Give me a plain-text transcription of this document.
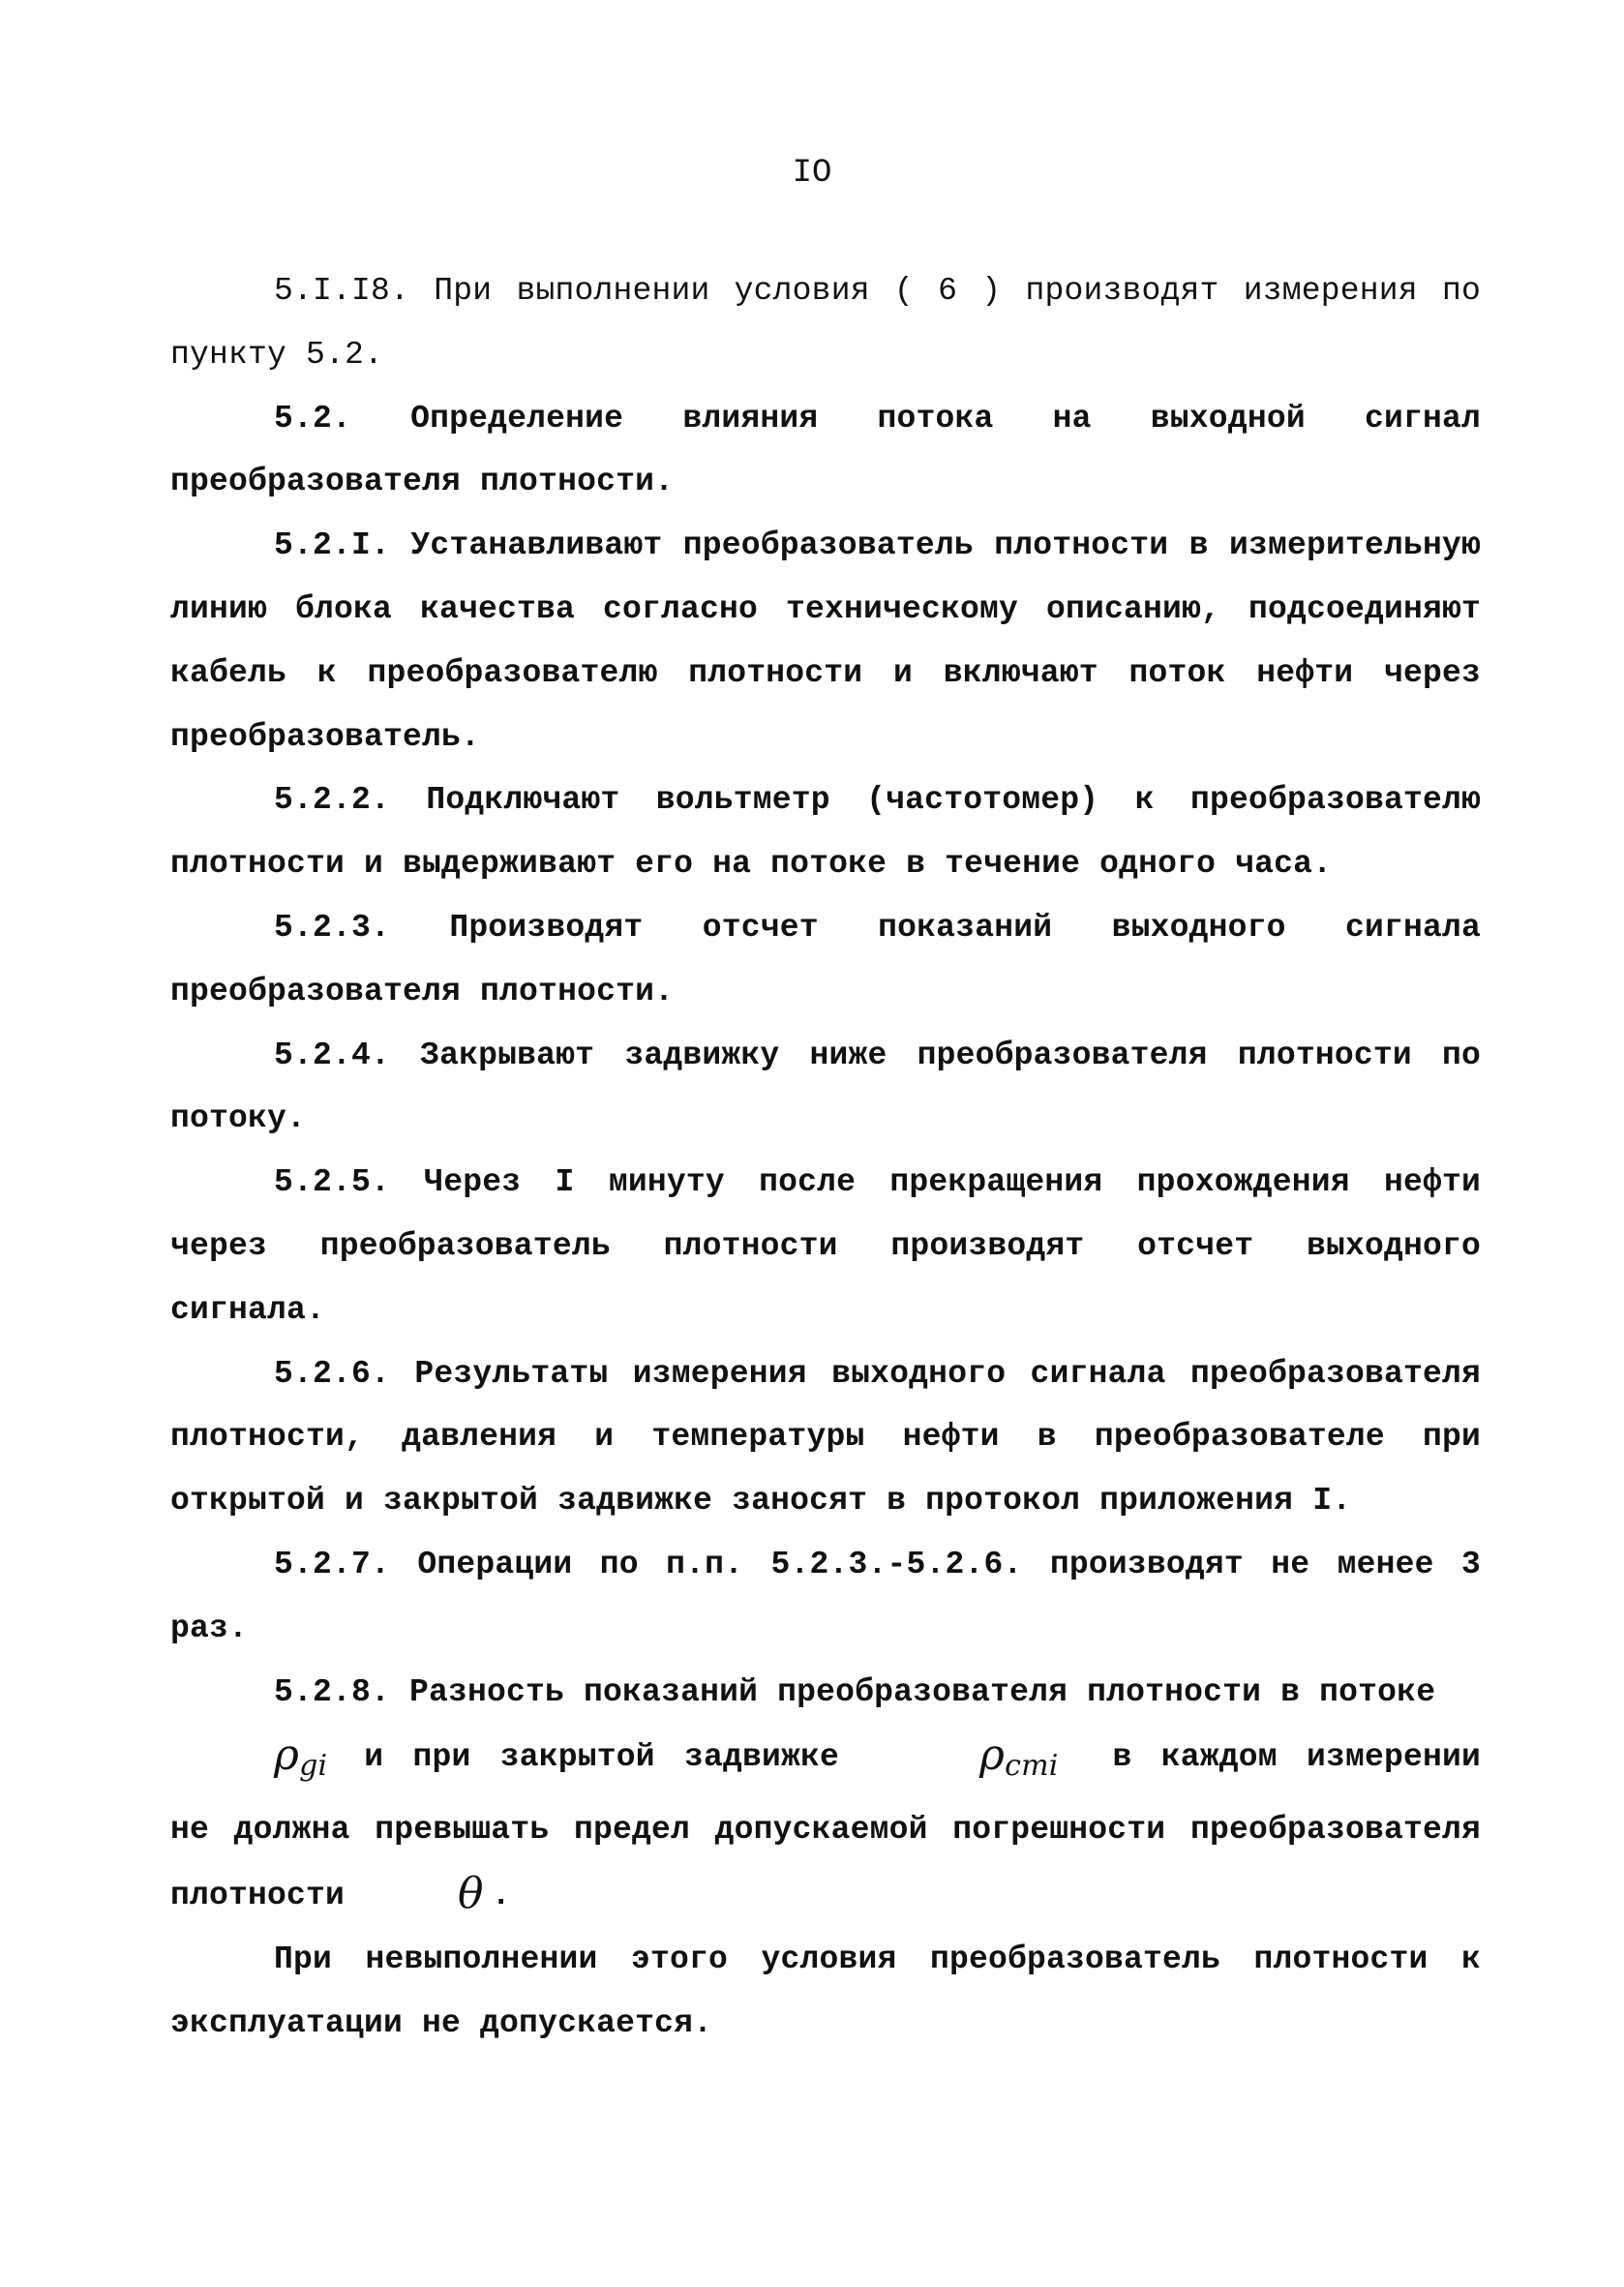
IO

5.I.I8. При выполнении условия ( 6 ) производят измерения по пункту 5.2.

5.2. Определение влияния потока на выходной сигнал преобразователя плотности.

5.2.I. Устанавливают преобразователь плотности в измерительную линию блока качества согласно техническому описанию, подсоединяют кабель к преобразователю плотности и включают поток нефти через преобразователь.

5.2.2. Подключают вольтметр (частотомер) к преобразователю плотности и выдерживают его на потоке в течение одного часа.

5.2.3. Производят отсчет показаний выходного сигнала преобразователя плотности.

5.2.4. Закрывают задвижку ниже преобразователя плотности по потоку.

5.2.5. Через I минуту после прекращения прохождения нефти через преобразователь плотности производят отсчет выходного сигнала.

5.2.6. Результаты измерения выходного сигнала преобразователя плотности, давления и температуры нефти в преобразователе при открытой и закрытой задвижке заносят в протокол приложения I.

5.2.7. Операции по п.п. 5.2.3.-5.2.6. производят не менее 3 раз.

5.2.8. Разность показаний преобразователя плотности в потоке
$\rho_{gi}$ и при закрытой задвижке	$\rho_{cmi}$ в каждом измерении не должна превышать предел допускаемой погрешности преобразователя плотности	θ .

При невыполнении этого условия преобразователь плотности к эксплуатации не допускается.
